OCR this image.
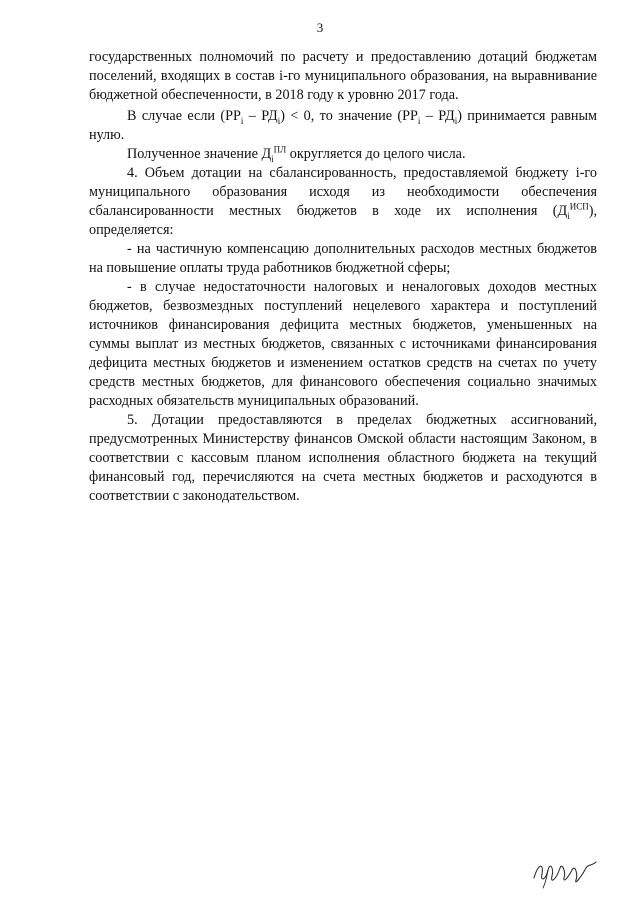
3

государственных полномочий по расчету и предоставлению дотаций бюджетам поселений, входящих в состав i-го муниципального образования, на выравнивание бюджетной обеспеченности, в 2018 году к уровню 2017 года.

В случае если $(РР_i - РД_i) < 0$, то значение $(РР_i - РД_i)$ принимается равным нулю.

Полученное значение $Д_i^{ПЛ}$ округляется до целого числа.

4. Объем дотации на сбалансированность, предоставляемой бюджету i-го муниципального образования исходя из необходимости обеспечения сбалансированности местных бюджетов в ходе их исполнения $(Д_i^{ИСП})$, определяется:

- на частичную компенсацию дополнительных расходов местных бюджетов на повышение оплаты труда работников бюджетной сферы;

- в случае недостаточности налоговых и неналоговых доходов местных бюджетов, безвозмездных поступлений нецелевого характера и поступлений источников финансирования дефицита местных бюджетов, уменьшенных на суммы выплат из местных бюджетов, связанных с источниками финансирования дефицита местных бюджетов и изменением остатков средств на счетах по учету средств местных бюджетов, для финансового обеспечения социально значимых расходных обязательств муниципальных образований.

5. Дотации предоставляются в пределах бюджетных ассигнований, предусмотренных Министерству финансов Омской области настоящим Законом, в соответствии с кассовым планом исполнения областного бюджета на текущий финансовый год, перечисляются на счета местных бюджетов и расходуются в соответствии с законодательством.
